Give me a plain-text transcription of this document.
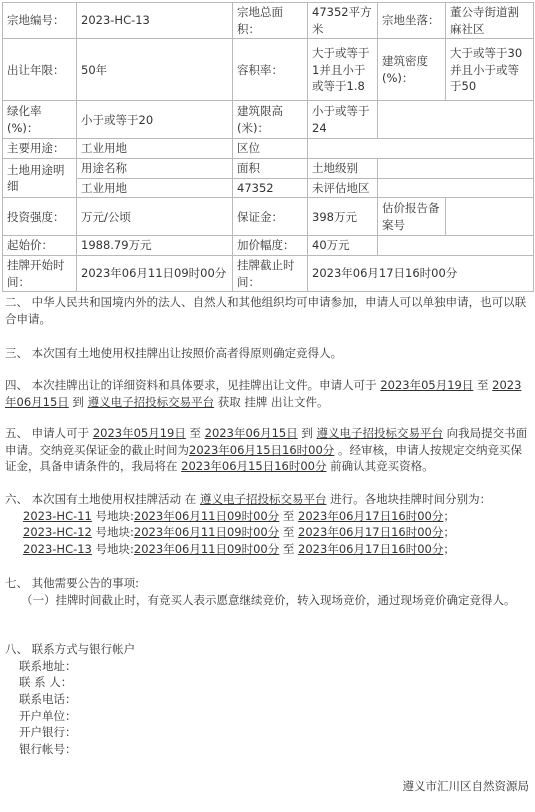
宗地编号：	2023-HC-13	宗地总面积：	47352平方米	宗地坐落：	董公寺街道割麻社区
出让年限：	50年	容积率：	大于或等于1并且小于或等于1.8	建筑密度(%)：	大于或等于30并且小于或等于50
绿化率(%)：	小于或等于20	建筑限高(米)：	小于或等于24		
主要用途：	工业用地	区位			
土地用途明细	用途名称	面积	土地级别		
	工业用地	47352	未评估地区		
投资强度：	万元/公顷	保证金：	398万元	估价报告备案号	
起始价：	1988.79万元	加价幅度：	40万元		
挂牌开始时间：	2023年06月11日09时00分	挂牌截止时间：	2023年06月17日16时00分		

二、 中华人民共和国境内外的法人、自然人和其他组织均可申请参加，申请人可以单独申请，也可以联合申请。

三、 本次国有土地使用权挂牌出让按照价高者得原则确定竞得人。

四、 本次挂牌出让的详细资料和具体要求，见挂牌出让文件。申请人可于 2023年05月19日 至 2023年06月15日 到 遵义电子招投标交易平台 获取 挂牌 出让文件。

五、 申请人可于 2023年05月19日 至 2023年06月15日 到 遵义电子招投标交易平台 向我局提交书面申请。交纳竞买保证金的截止时间为2023年06月15日16时00分 。经审核，申请人按规定交纳竞买保证金，具备申请条件的，我局将在 2023年06月15日16时00分 前确认其竞买资格。

六、 本次国有土地使用权挂牌活动 在 遵义电子招投标交易平台 进行。各地块挂牌时间分别为：
2023-HC-11 号地块:2023年06月11日09时00分 至 2023年06月17日16时00分；
2023-HC-12 号地块:2023年06月11日09时00分 至 2023年06月17日16时00分；
2023-HC-13 号地块:2023年06月11日09时00分 至 2023年06月17日16时00分；
七、 其他需要公告的事项:
（一）挂牌时间截止时，有竞买人表示愿意继续竞价，转入现场竞价，通过现场竞价确定竞得人。
八、 联系方式与银行帐户
联系地址：
联 系 人：
联系电话：
开户单位：
开户银行：
银行帐号：
遵义市汇川区自然资源局
